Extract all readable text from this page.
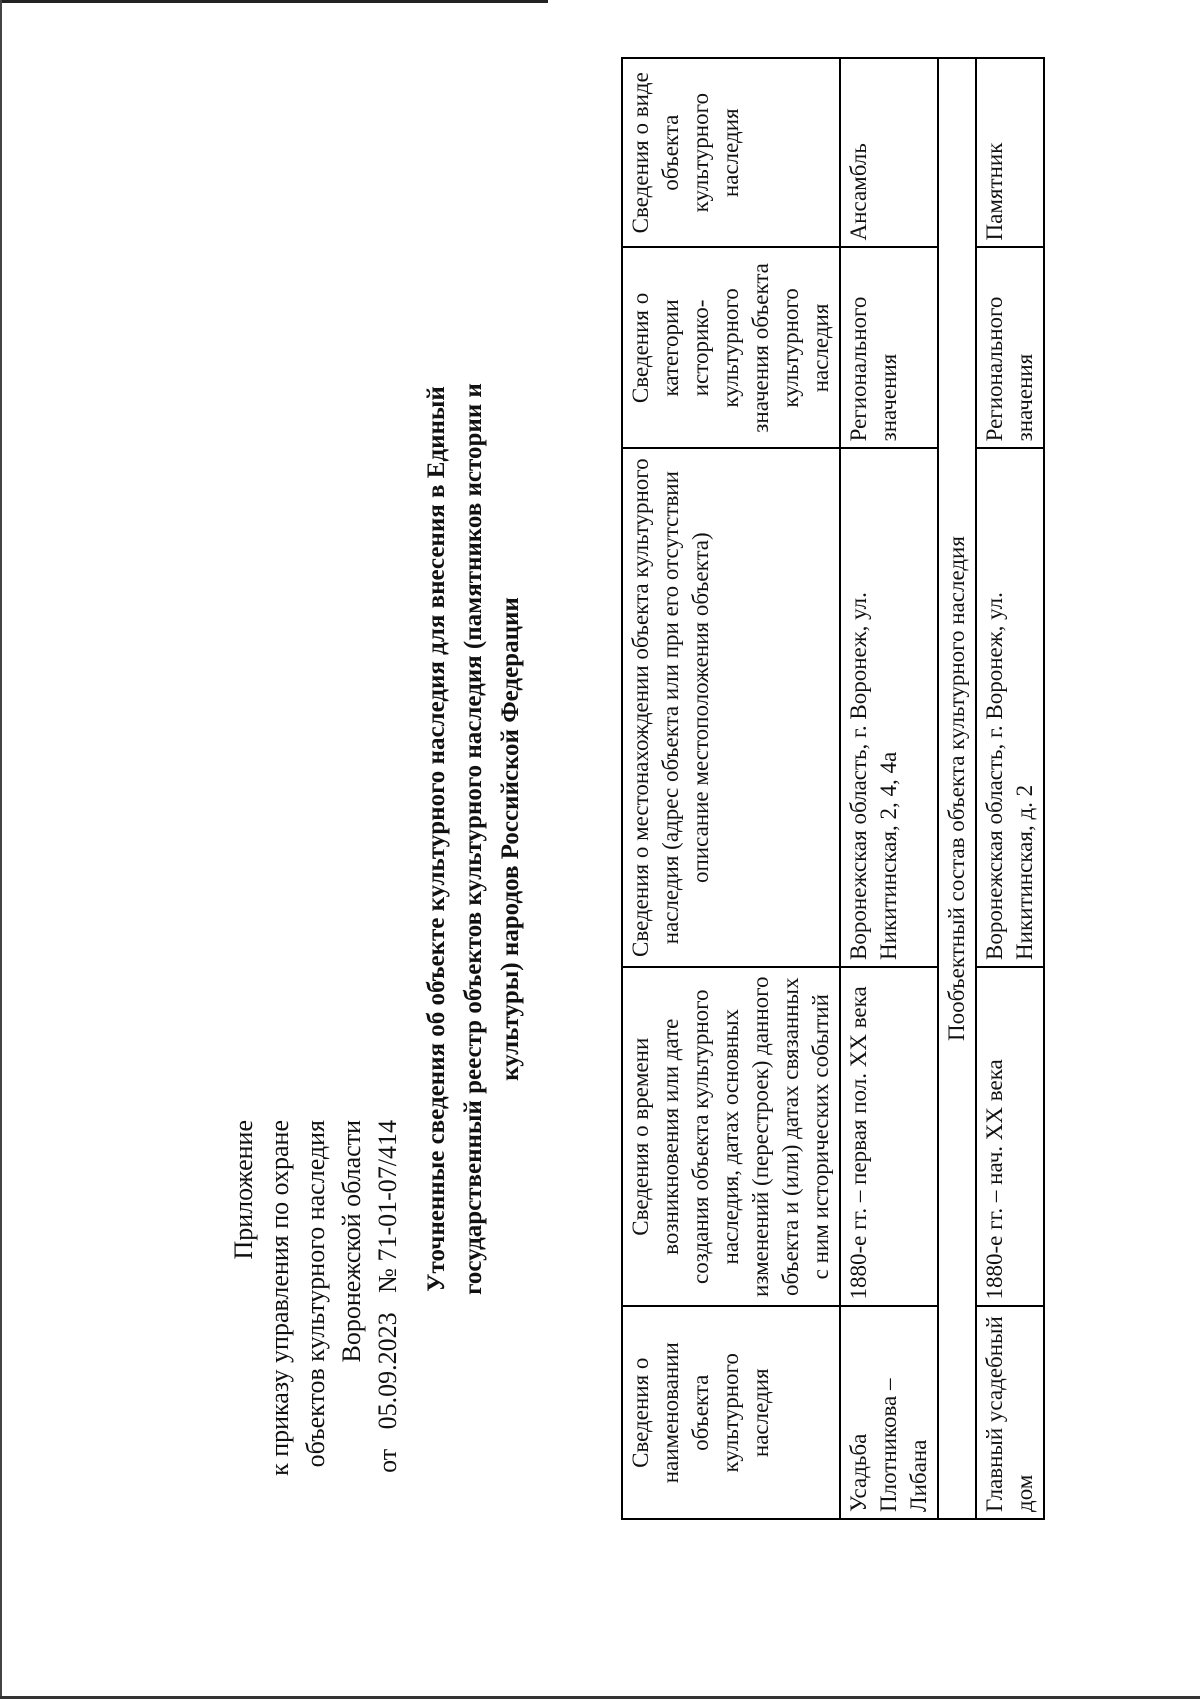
Приложение к приказу управления по охране объектов культурного наследия Воронежской области
от   05.09.2023   № 71-01-07/414 Уточненные сведения об объекте культурного наследия для внесения в Единый государственный реестр объектов культурного наследия (памятников истории и культуры) народов Российской Федерации
Сведения о наименовании объекта культурного наследия	Сведения о времени возникновения или дате создания объекта культурного наследия, датах основных изменений (перестроек) данного объекта и (или) датах связанных с ним исторических событий	Сведения о местонахождении объекта культурного наследия (адрес объекта или при его отсутствии описание местоположения объекта)	Сведения о категории историко-культурного значения объекта культурного наследия	Сведения о виде объекта культурного наследия
Усадьба Плотникова – Либана	1880-е гг. – первая пол. XX века	Воронежская область, г. Воронеж, ул. Никитинская, 2, 4, 4а	Регионального значения	Ансамбль
Пообъектный состав объекта культурного наследия				
Главный усадебный дом	1880-е гг. – нач. XX века	Воронежская область, г. Воронеж, ул. Никитинская, д. 2	Регионального значения	Памятник
